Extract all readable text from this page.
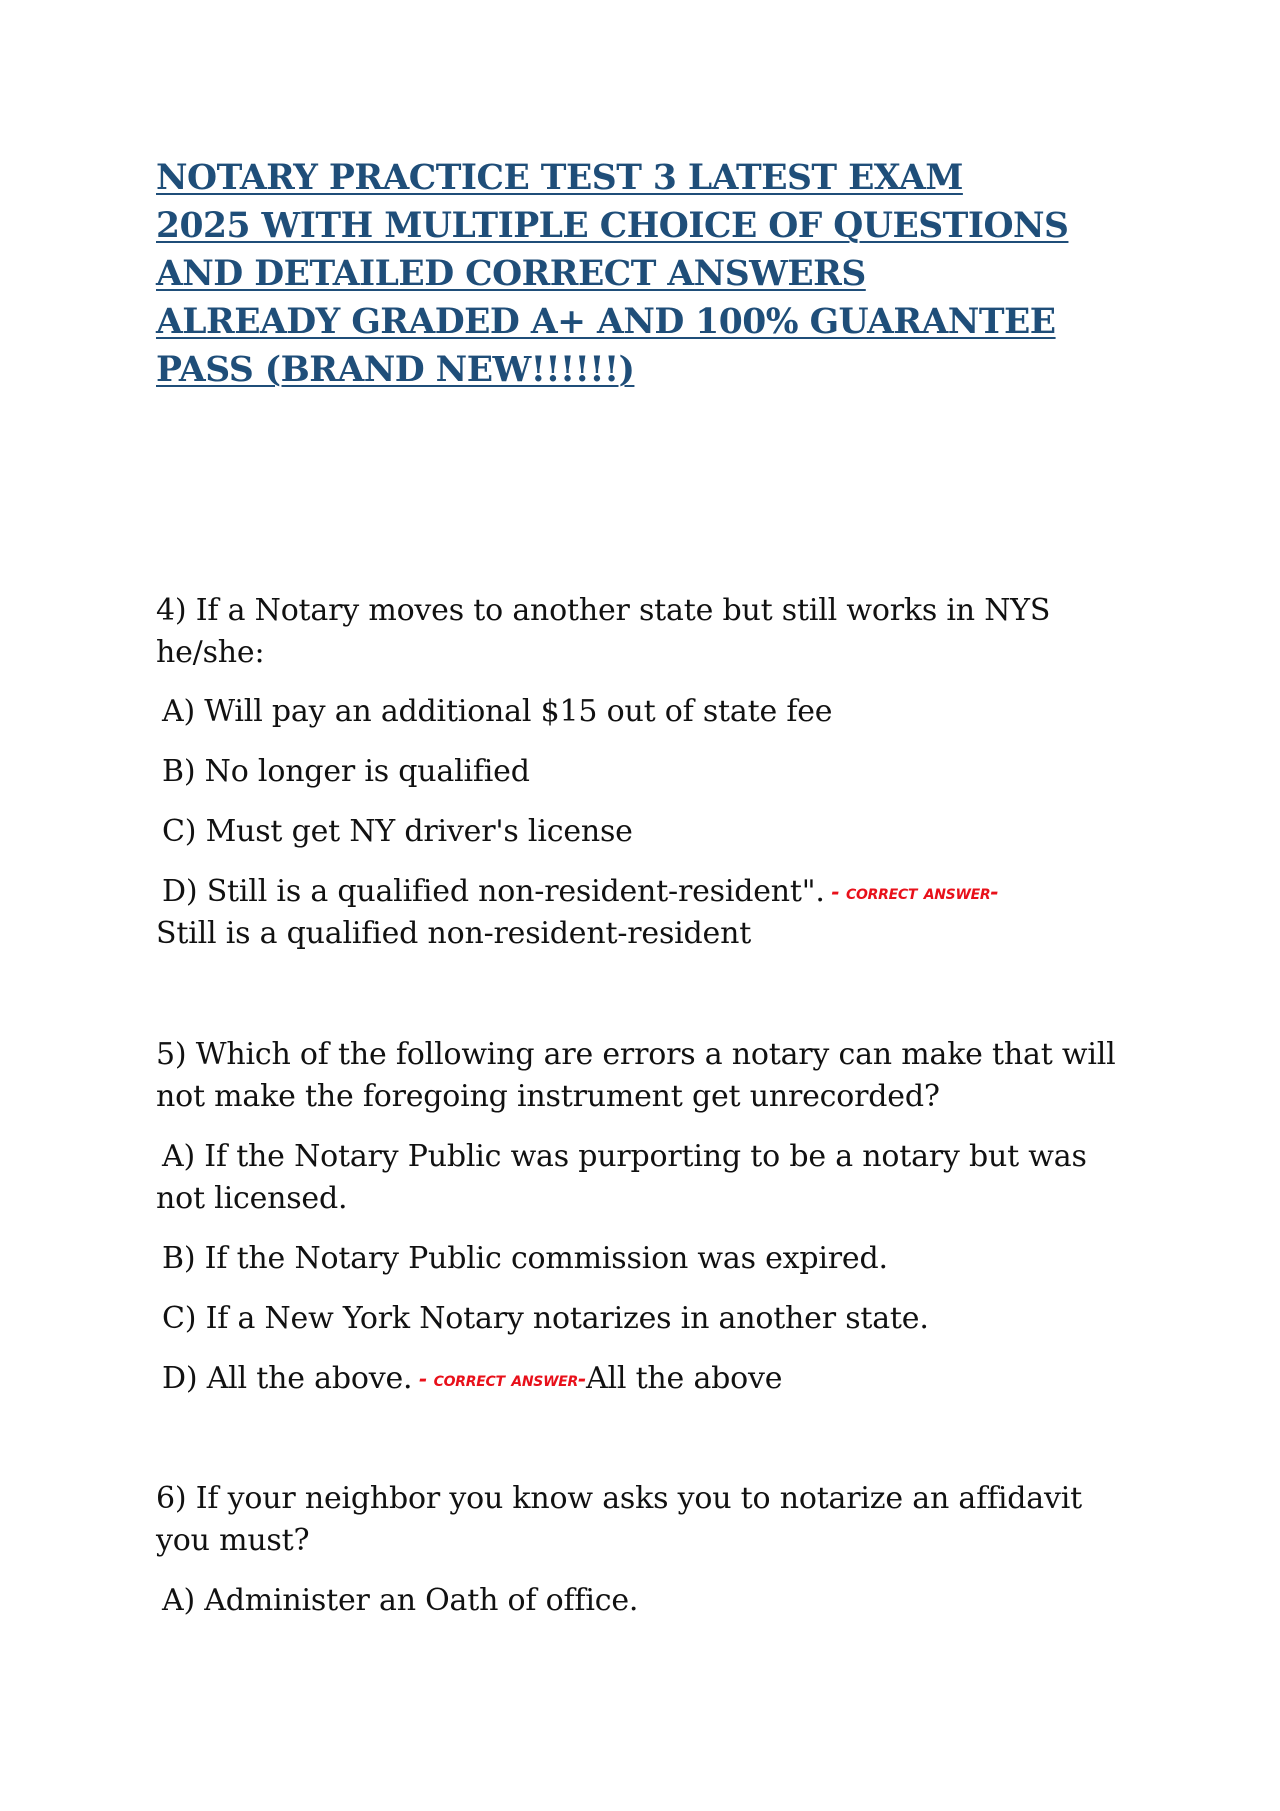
NOTARY PRACTICE TEST 3 LATEST EXAM
2025 WITH MULTIPLE CHOICE OF QUESTIONS
AND DETAILED CORRECT ANSWERS
ALREADY GRADED A+ AND 100% GUARANTEE
PASS (BRAND NEW!!!!!!)

4) If a Notary moves to another state but still works in NYS

he/she:

A) Will pay an additional $15 out of state fee

B) No longer is qualified

C) Must get NY driver's license

D) Still is a qualified non-resident-resident". - correct answer-

Still is a qualified non-resident-resident

5) Which of the following are errors a notary can make that will

not make the foregoing instrument get unrecorded?

A) If the Notary Public was purporting to be a notary but was

not licensed.

B) If the Notary Public commission was expired.

C) If a New York Notary notarizes in another state.

D) All the above. - correct answer-All the above

6) If your neighbor you know asks you to notarize an affidavit

you must?

A) Administer an Oath of office.
